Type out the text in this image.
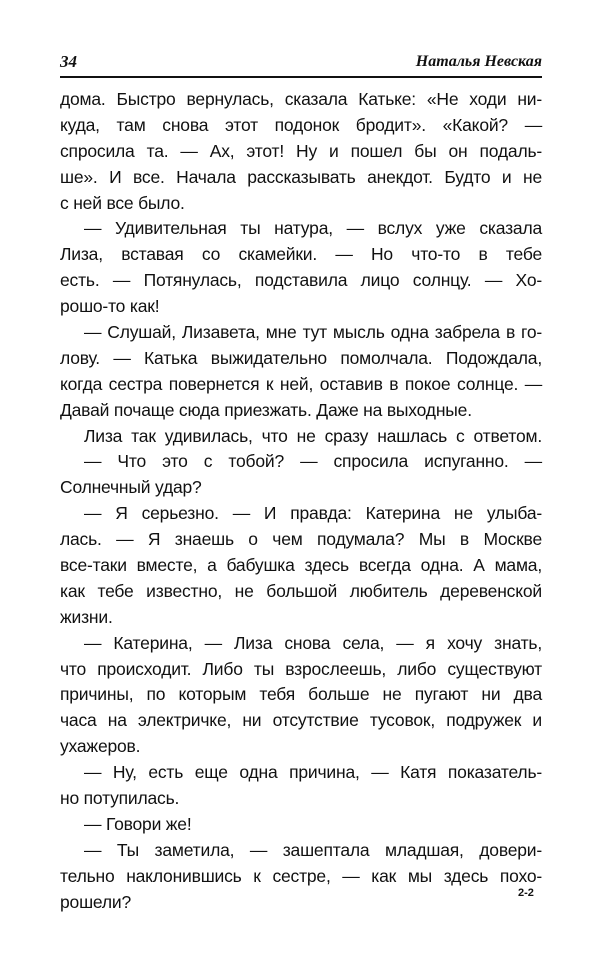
34	Наталья Невская
дома. Быстро вернулась, сказала Катьке: «Не ходи ни-
куда, там снова этот подонок бродит». «Какой? —
спросила та. — Ах, этот! Ну и пошел бы он подаль-
ше». И все. Начала рассказывать анекдот. Будто и не
с ней все было.
— Удивительная ты натура, — вслух уже сказала
Лиза, вставая со скамейки. — Но что-то в тебе
есть. — Потянулась, подставила лицо солнцу. — Хо-
рошо-то как!
— Слушай, Лизавета, мне тут мысль одна забрела в го-
лову. — Катька выжидательно помолчала. Подождала,
когда сестра повернется к ней, оставив в покое солнце. —
Давай почаще сюда приезжать. Даже на выходные.
Лиза так удивилась, что не сразу нашлась с ответом.
— Что это с тобой? — спросила испуганно. —
Солнечный удар?
— Я серьезно. — И правда: Катерина не улыба-
лась. — Я знаешь о чем подумала? Мы в Москве
все-таки вместе, а бабушка здесь всегда одна. А мама,
как тебе известно, не большой любитель деревенской
жизни.
— Катерина, — Лиза снова села, — я хочу знать,
что происходит. Либо ты взрослеешь, либо существуют
причины, по которым тебя больше не пугают ни два
часа на электричке, ни отсутствие тусовок, подружек и
ухажеров.
— Ну, есть еще одна причина, — Катя показатель-
но потупилась.
— Говори же!
— Ты заметила, — зашептала младшая, довери-
тельно наклонившись к сестре, — как мы здесь похо-
рошели?	2-2
